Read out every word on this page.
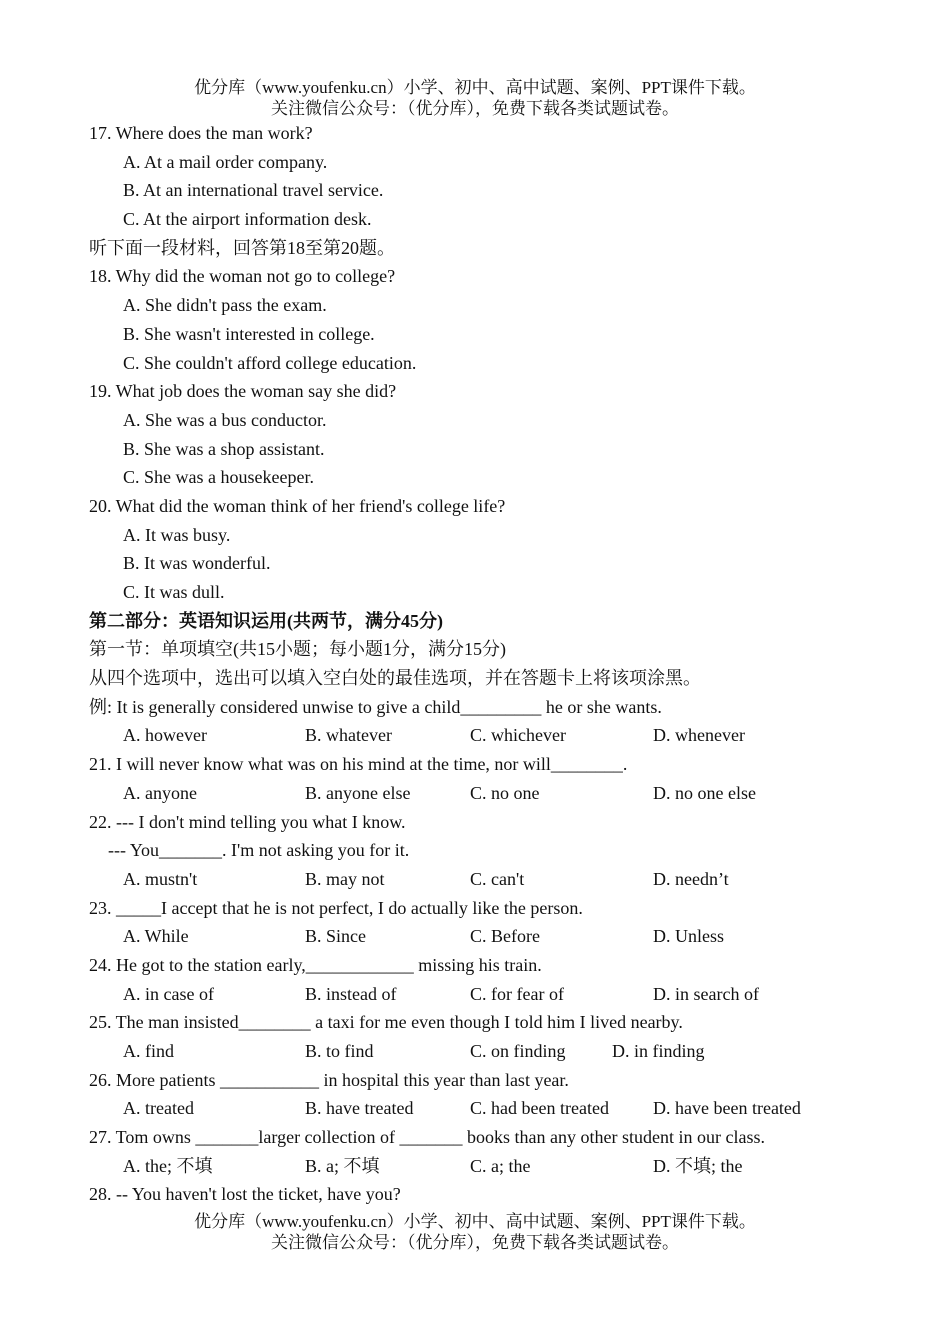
优分库（www.youfenku.cn）小学、初中、高中试题、案例、PPT课件下载。
关注微信公众号：（优分库），免费下载各类试题试卷。
17. Where does the man work?
A. At a mail order company.
B. At an international travel service.
C. At the airport information desk.
听下面一段材料，回答第18至第20题。
18. Why did the woman not go to college?
A. She didn't pass the exam.
B. She wasn't interested in college.
C. She couldn't afford college education.
19. What job does the woman say she did?
A. She was a bus conductor.
B. She was a shop assistant.
C. She was a housekeeper.
20. What did the woman think of her friend's college life?
A. It was busy.
B. It was wonderful.
C. It was dull.
第二部分：英语知识运用(共两节，满分45分)
第一节：单项填空(共15小题；每小题1分，满分15分)
从四个选项中，选出可以填入空白处的最佳选项，并在答题卡上将该项涂黑。
例: It is generally considered unwise to give a child_________ he or she wants.
A. however	B. whatever	C. whichever	D. whenever
21. I will never know what was on his mind at the time, nor will________.
A. anyone	B. anyone else	C. no one	D. no one else
22. --- I don't mind telling you what I know.
--- You_______. I'm not asking you for it.
A. mustn't	B. may not	C. can't	D. needn’t
23. _____I accept that he is not perfect, I do actually like the person.
A. While	B. Since	C. Before	D. Unless
24. He got to the station early,____________ missing his train.
A. in case of	B. instead of	C. for fear of	D. in search of
25. The man insisted________ a taxi for me even though I told him I lived nearby.
A. find	B. to find	C. on finding	D. in finding
26. More patients ___________ in hospital this year than last year.
A. treated	B. have treated	C. had been treated D. have been treated
27. Tom owns _______larger collection of _______ books than any other student in our class.
A. the; 不填	B. a; 不填	C. a; the	D. 不填; the
28. -- You haven't lost the ticket, have you?
优分库（www.youfenku.cn）小学、初中、高中试题、案例、PPT课件下载。
关注微信公众号：（优分库），免费下载各类试题试卷。
